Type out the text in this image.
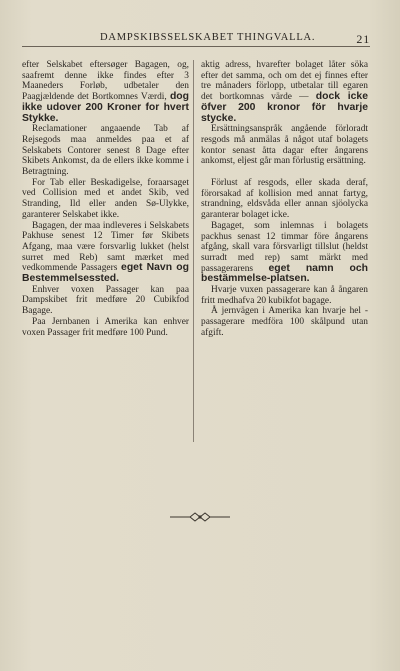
DAMPSKIBSSELSKABET THINGVALLA.	21

efter Selskabet eftersøger Bagagen, og, saafremt denne ikke findes efter 3 Maaneders Forløb, udbetaler den Paagjældende det Bortkomnes Værdi, dog ikke udover 200 Kroner for hvert Stykke.

Reclamationer angaaende Tab af Rejsegods maa anmeldes paa et af Selskabets Contorer senest 8 Dage efter Skibets Ankomst, da de ellers ikke komme i Betragtning.

For Tab eller Beskadigelse, foraarsaget ved Collision med et andet Skib, ved Stranding, Ild eller anden Sø-Ulykke, garanterer Selskabet ikke.

Bagagen, der maa indleveres i Selskabets Pakhuse senest 12 Timer før Skibets Afgang, maa være forsvarlig lukket (helst surret med Reb) samt mærket med vedkommende Passagers eget Navn og Bestemmelsessted.

Enhver voxen Passager kan paa Dampskibet frit medføre 20 Cubikfod Bagage.

Paa Jernbanen i Amerika kan enhver voxen Passager frit medføre 100 Pund.

aktig adress, hvarefter bolaget låter söka efter det samma, och om det ej finnes efter tre månaders förlopp, utbetalar till egaren det bortkomnas värde — dock icke öfver 200 kronor för hvarje stycke.

Ersättningsanspråk angående förloradt resgods må anmälas å något utaf bolagets kontor senast åtta dagar efter ångarens ankomst, eljest går man förlustig ersättning.

Förlust af resgods, eller skada deraf, förorsakad af kollision med annat fartyg, strandning, eldsvåda eller annan sjöolycka garanterar bolaget icke.

Bagaget, som inlemnas i bolagets packhus senast 12 timmar före ångarens afgång, skall vara försvarligt tillslut (heldst surradt med rep) samt märkt med passagerarens eget namn och bestämmelse-platsen.

Hvarje vuxen passagerare kan å ångaren fritt medhafva 20 kubikfot bagage.

Å jernvägen i Amerika kan hvarje hel - passagerare medföra 100 skålpund utan afgift.
